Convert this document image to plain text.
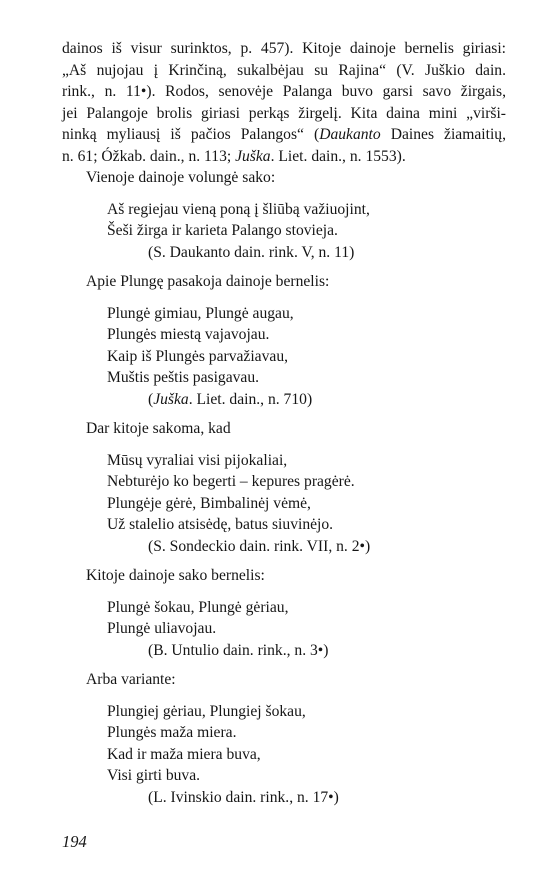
dainos iš visur surinktos, p. 457). Kitoje dainoje bernelis giriasi:
„Aš nujojau į Krinčiną, sukalbėjau su Rajina“ (V. Juškio dain.
rink., n. 11•). Rodos, senovėje Palanga buvo garsi savo žirgais,
jei Palangoje brolis giriasi perkąs žirgelį. Kita daina mini „virši-
ninką myliausį iš pačios Palangos“ (Daukanto Daines žiamaitių,
n. 61; Óžkab. dain., n. 113; Juška. Liet. dain., n. 1553).

Vienoje dainoje volungė sako:

Aš regiejau vieną poną į šliūbą važiuojint,
Šeši žirga ir karieta Palango stovieja.
(S. Daukanto dain. rink. V, n. 11)

Apie Plungę pasakoja dainoje bernelis:

Plungė gimiau, Plungė augau,
Plungės miestą vajavojau.
Kaip iš Plungės parvažiavau,
Muštis peštis pasigavau.
(Juška. Liet. dain., n. 710)

Dar kitoje sakoma, kad

Mūsų vyraliai visi pijokaliai,
Nebturėjo ko begerti – kepures pragėrė.
Plungėje gėrė, Bimbalinėj vėmė,
Už stalelio atsisėdę, batus siuvinėjo.
(S. Sondeckio dain. rink. VII, n. 2•)

Kitoje dainoje sako bernelis:

Plungė šokau, Plungė gėriau,
Plungė uliavojau.
(B. Untulio dain. rink., n. 3•)

Arba variante:

Plungiej gėriau, Plungiej šokau,
Plungės maža miera.
Kad ir maža miera buva,
Visi girti buva.
(L. Ivinskio dain. rink., n. 17•)
194
